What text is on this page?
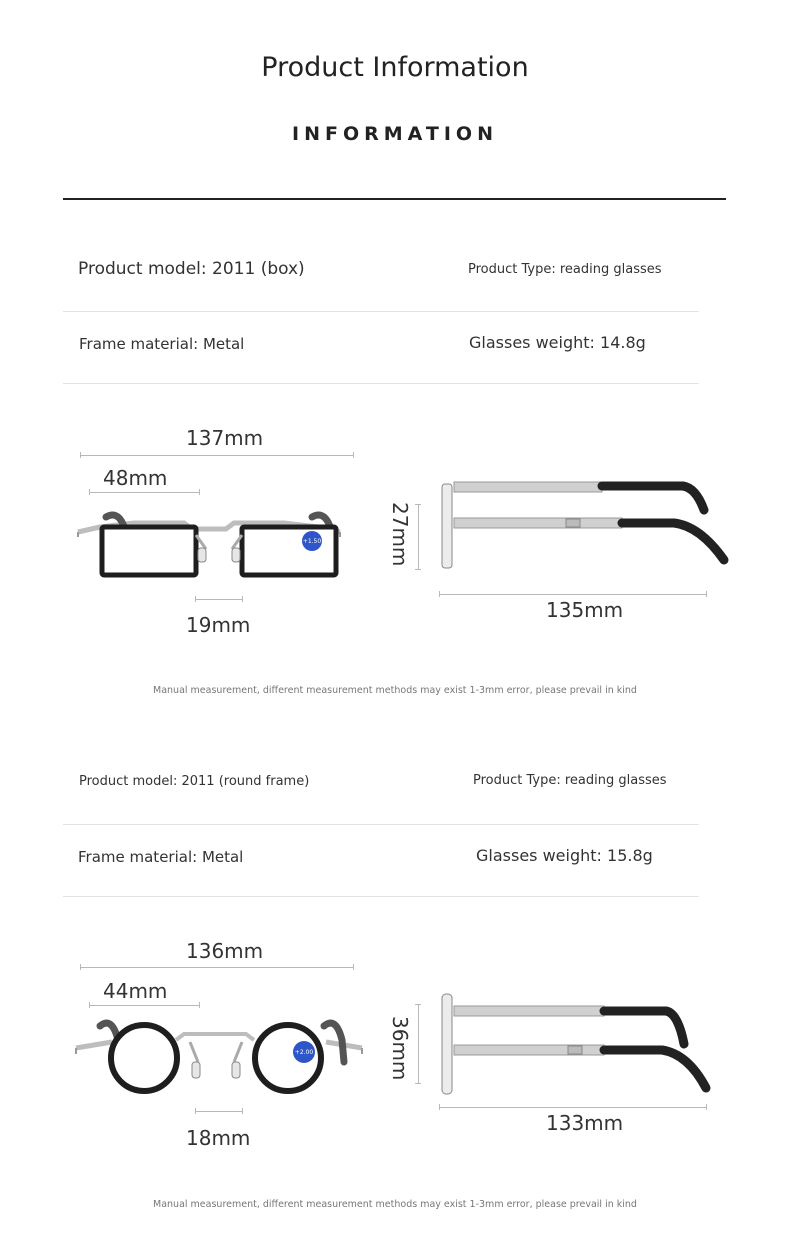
Product Information
INFORMATION
Product model: 2011 (box)	Product Type: reading glasses
Frame material: Metal	Glasses weight: 14.8g
137mm
48mm
+1.50
19mm
27mm
135mm
Manual measurement, different measurement methods may exist 1-3mm error, please prevail in kind
Product model: 2011 (round frame)	Product Type: reading glasses
Frame material: Metal	Glasses weight: 15.8g
136mm
44mm
+2.00
18mm
36mm
133mm
Manual measurement, different measurement methods may exist 1-3mm error, please prevail in kind
